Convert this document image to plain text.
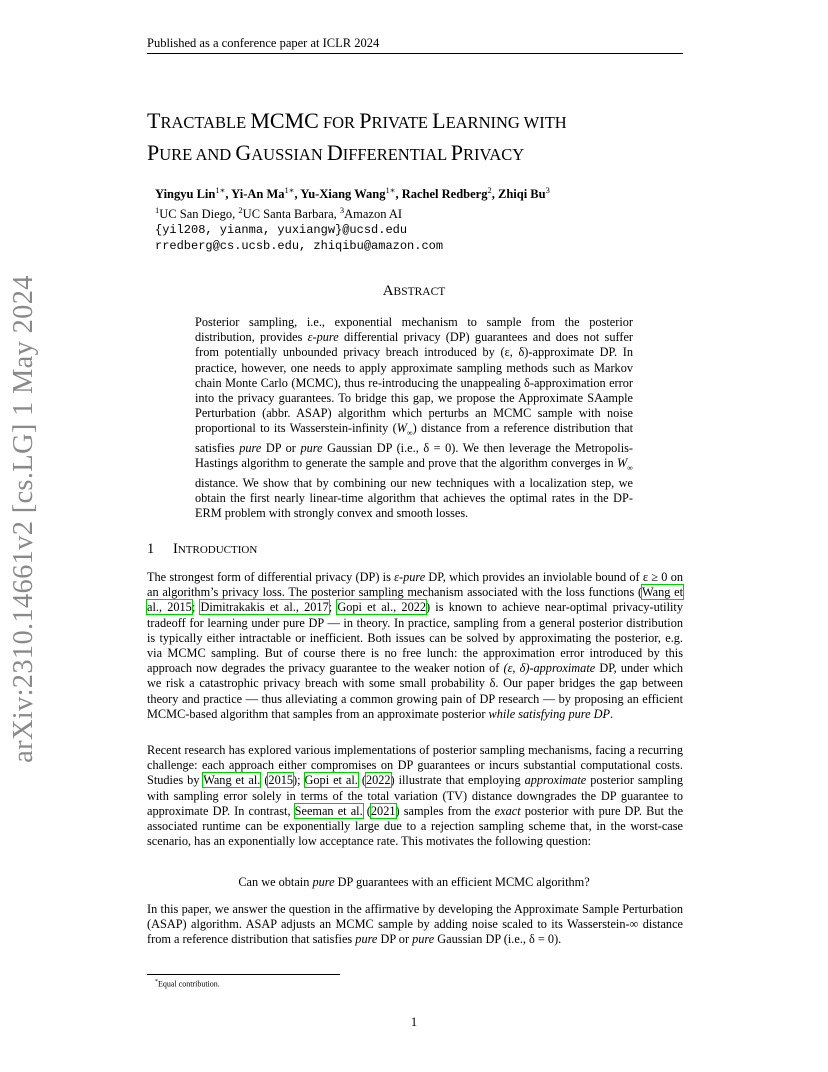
Published as a conference paper at ICLR 2024
arXiv:2310.14661v2 [cs.LG] 1 May 2024
TRACTABLE MCMC FOR PRIVATE LEARNING WITH
PURE AND GAUSSIAN DIFFERENTIAL PRIVACY
Yingyu Lin$^{1∗}$, Yi-An $Ma^{1∗}$, Yu-Xiang Wang$^{1∗}$, Rachel Redberg$^2$, Zhiqi Bu$^3$
$^1$UC San Diego, $^2$UC Santa Barbara, $^3$Amazon AI
{yil208, yianma, yuxiangw}@ucsd.edu
rredberg@cs.ucsb.edu, zhiqibu@amazon.com
ABSTRACT
Posterior sampling, i.e., exponential mechanism to sample from the posterior distribution, provides ε-pure differential privacy (DP) guarantees and does not suffer from potentially unbounded privacy breach introduced by (ε, δ)-approximate DP. In practice, however, one needs to apply approximate sampling methods such as Markov chain Monte Carlo (MCMC), thus re-introducing the unappealing δ-approximation error into the privacy guarantees. To bridge this gap, we propose the Approximate SAample Perturbation (abbr. ASAP) algorithm which perturbs an MCMC sample with noise proportional to its Wasserstein-infinity $(W_\infty)$ distance from a reference distribution that satisfies pure DP or pure Gaussian DP (i.e., δ = 0). We then leverage the Metropolis-Hastings algorithm to generate the sample and prove that the algorithm converges in $W_\infty$ distance. We show that by combining our new techniques with a localization step, we obtain the first nearly linear-time algorithm that achieves the optimal rates in the DP-ERM problem with strongly convex and smooth losses.
1 INTRODUCTION
The strongest form of differential privacy (DP) is ε-pure DP, which provides an inviolable bound of ε ≥ 0 on an algorithm’s privacy loss. The posterior sampling mechanism associated with the loss functions (Wang et al., 2015; Dimitrakakis et al., 2017; Gopi et al., 2022) is known to achieve near-optimal privacy-utility tradeoff for learning under pure DP — in theory. In practice, sampling from a general posterior distribution is typically either intractable or inefficient. Both issues can be solved by approximating the posterior, e.g. via MCMC sampling. But of course there is no free lunch: the approximation error introduced by this approach now degrades the privacy guarantee to the weaker notion of (ε, δ)-approximate DP, under which we risk a catastrophic privacy breach with some small probability δ. Our paper bridges the gap between theory and practice — thus alleviating a common growing pain of DP research — by proposing an efficient MCMC-based algorithm that samples from an approximate posterior while satisfying pure DP.
Recent research has explored various implementations of posterior sampling mechanisms, facing a recurring challenge: each approach either compromises on DP guarantees or incurs substantial computational costs. Studies by Wang et al. (2015); Gopi et al. (2022) illustrate that employing approximate posterior sampling with sampling error solely in terms of the total variation (TV) distance downgrades the DP guarantee to approximate DP. In contrast, Seeman et al. (2021) samples from the exact posterior with pure DP. But the associated runtime can be exponentially large due to a rejection sampling scheme that, in the worst-case scenario, has an exponentially low acceptance rate. This motivates the following question:
Can we obtain pure DP guarantees with an efficient MCMC algorithm?
In this paper, we answer the question in the affirmative by developing the Approximate Sample Perturbation (ASAP) algorithm. ASAP adjusts an MCMC sample by adding noise scaled to its Wasserstein-∞ distance from a reference distribution that satisfies pure DP or pure Gaussian DP (i.e., δ = 0).
*Equal contribution.
1
